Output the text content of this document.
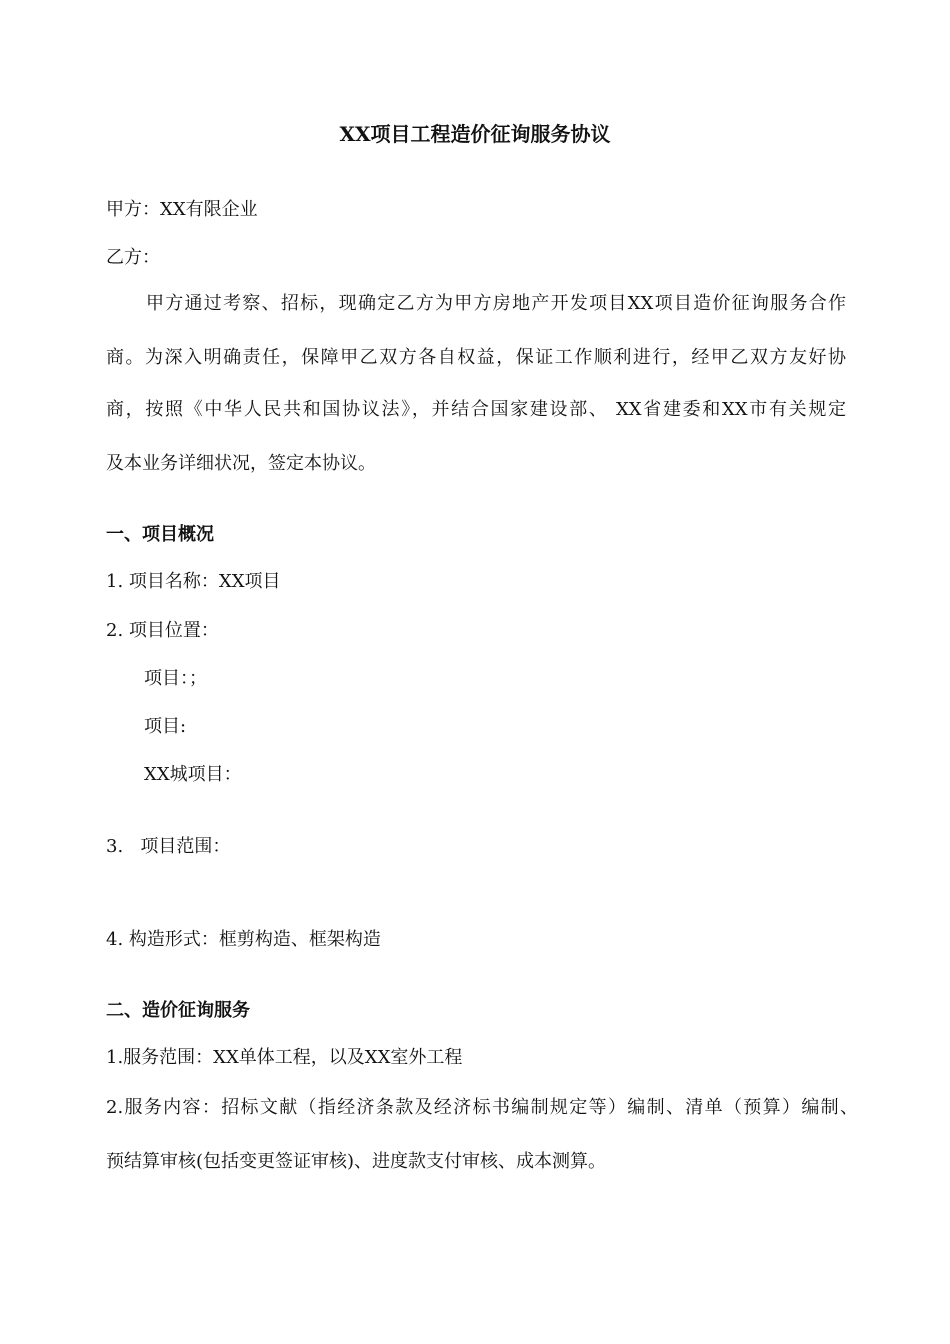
XX项目工程造价征询服务协议
甲方：XX有限企业
乙方：
甲方通过考察、招标，现确定乙方为甲方房地产开发项目XX项目造价征询服务合作
商。为深入明确责任，保障甲乙双方各自权益，保证工作顺利进行，经甲乙双方友好协
商，按照《中华人民共和国协议法》，并结合国家建设部、 XX省建委和XX市有关规定
及本业务详细状况，签定本协议。
一、项目概况
1. 项目名称：XX项目
2. 项目位置：
项目：；
项目:
XX城项目：
3.   项目范围：
4. 构造形式：框剪构造、框架构造
二、造价征询服务
1.服务范围：XX单体工程，以及XX室外工程
2.服务内容：招标文献（指经济条款及经济标书编制规定等）编制、清单（预算）编制、
预结算审核(包括变更签证审核)、进度款支付审核、成本测算。
